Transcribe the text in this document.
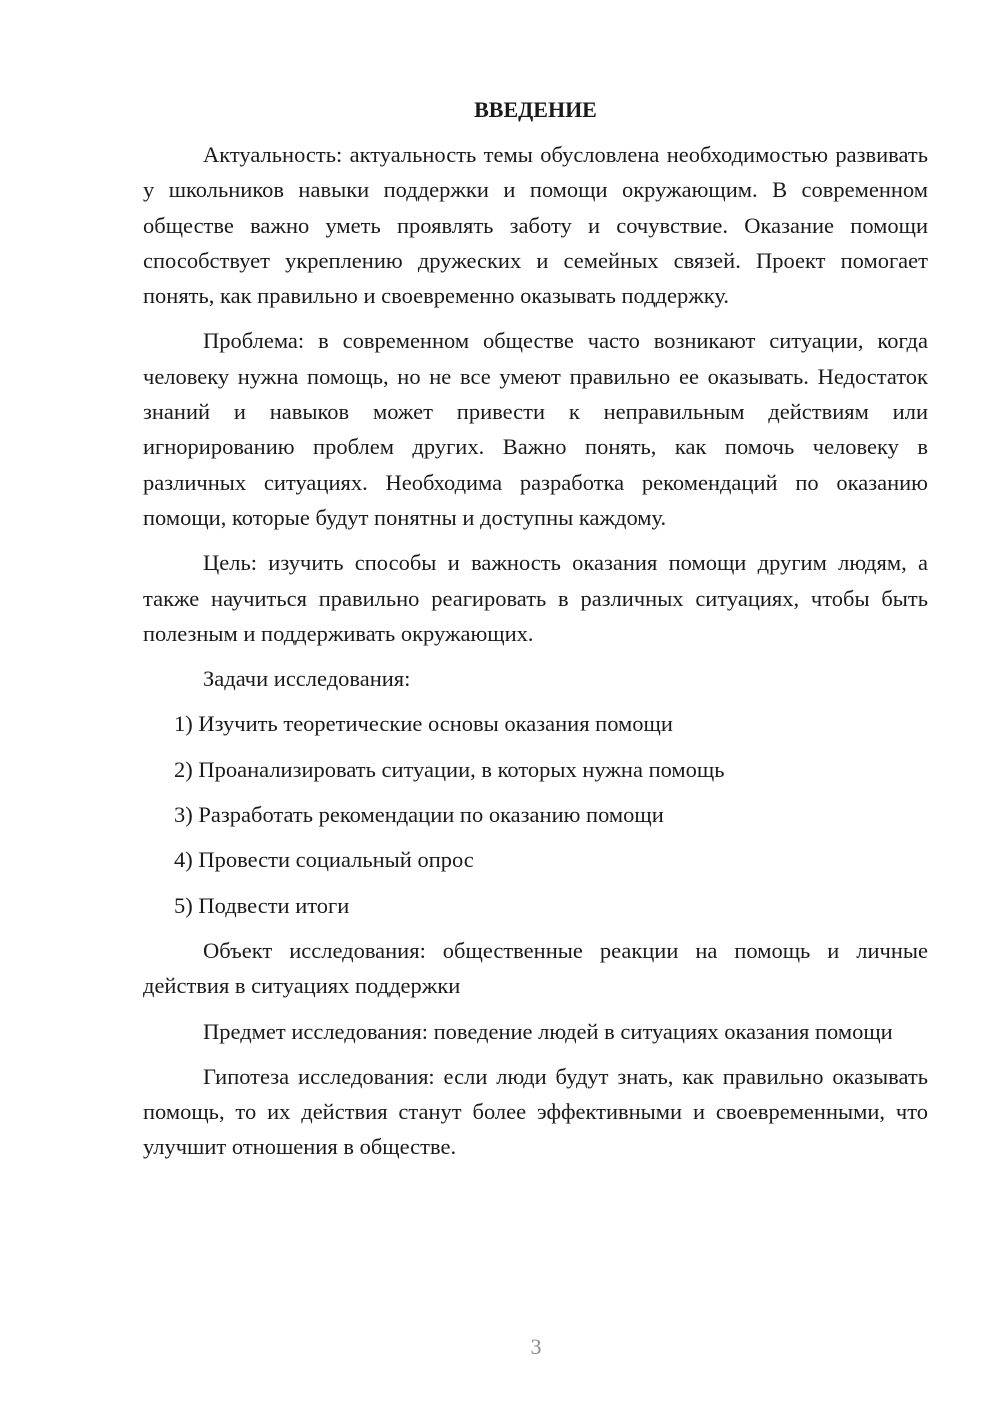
ВВЕДЕНИЕ

Актуальность: актуальность темы обусловлена необходимостью развивать у школьников навыки поддержки и помощи окружающим. В современном обществе важно уметь проявлять заботу и сочувствие. Оказание помощи способствует укреплению дружеских и семейных связей. Проект помогает понять, как правильно и своевременно оказывать поддержку.

Проблема: в современном обществе часто возникают ситуации, когда человеку нужна помощь, но не все умеют правильно ее оказывать. Недостаток знаний и навыков может привести к неправильным действиям или игнорированию проблем других. Важно понять, как помочь человеку в различных ситуациях. Необходима разработка рекомендаций по оказанию помощи, которые будут понятны и доступны каждому.

Цель: изучить способы и важность оказания помощи другим людям, а также научиться правильно реагировать в различных ситуациях, чтобы быть полезным и поддерживать окружающих.

Задачи исследования:

1) Изучить теоретические основы оказания помощи
2) Проанализировать ситуации, в которых нужна помощь
3) Разработать рекомендации по оказанию помощи
4) Провести социальный опрос
5) Подвести итоги

Объект исследования: общественные реакции на помощь и личные действия в ситуациях поддержки

Предмет исследования: поведение людей в ситуациях оказания помощи

Гипотеза исследования: если люди будут знать, как правильно оказывать помощь, то их действия станут более эффективными и своевременными, что улучшит отношения в обществе.

3
